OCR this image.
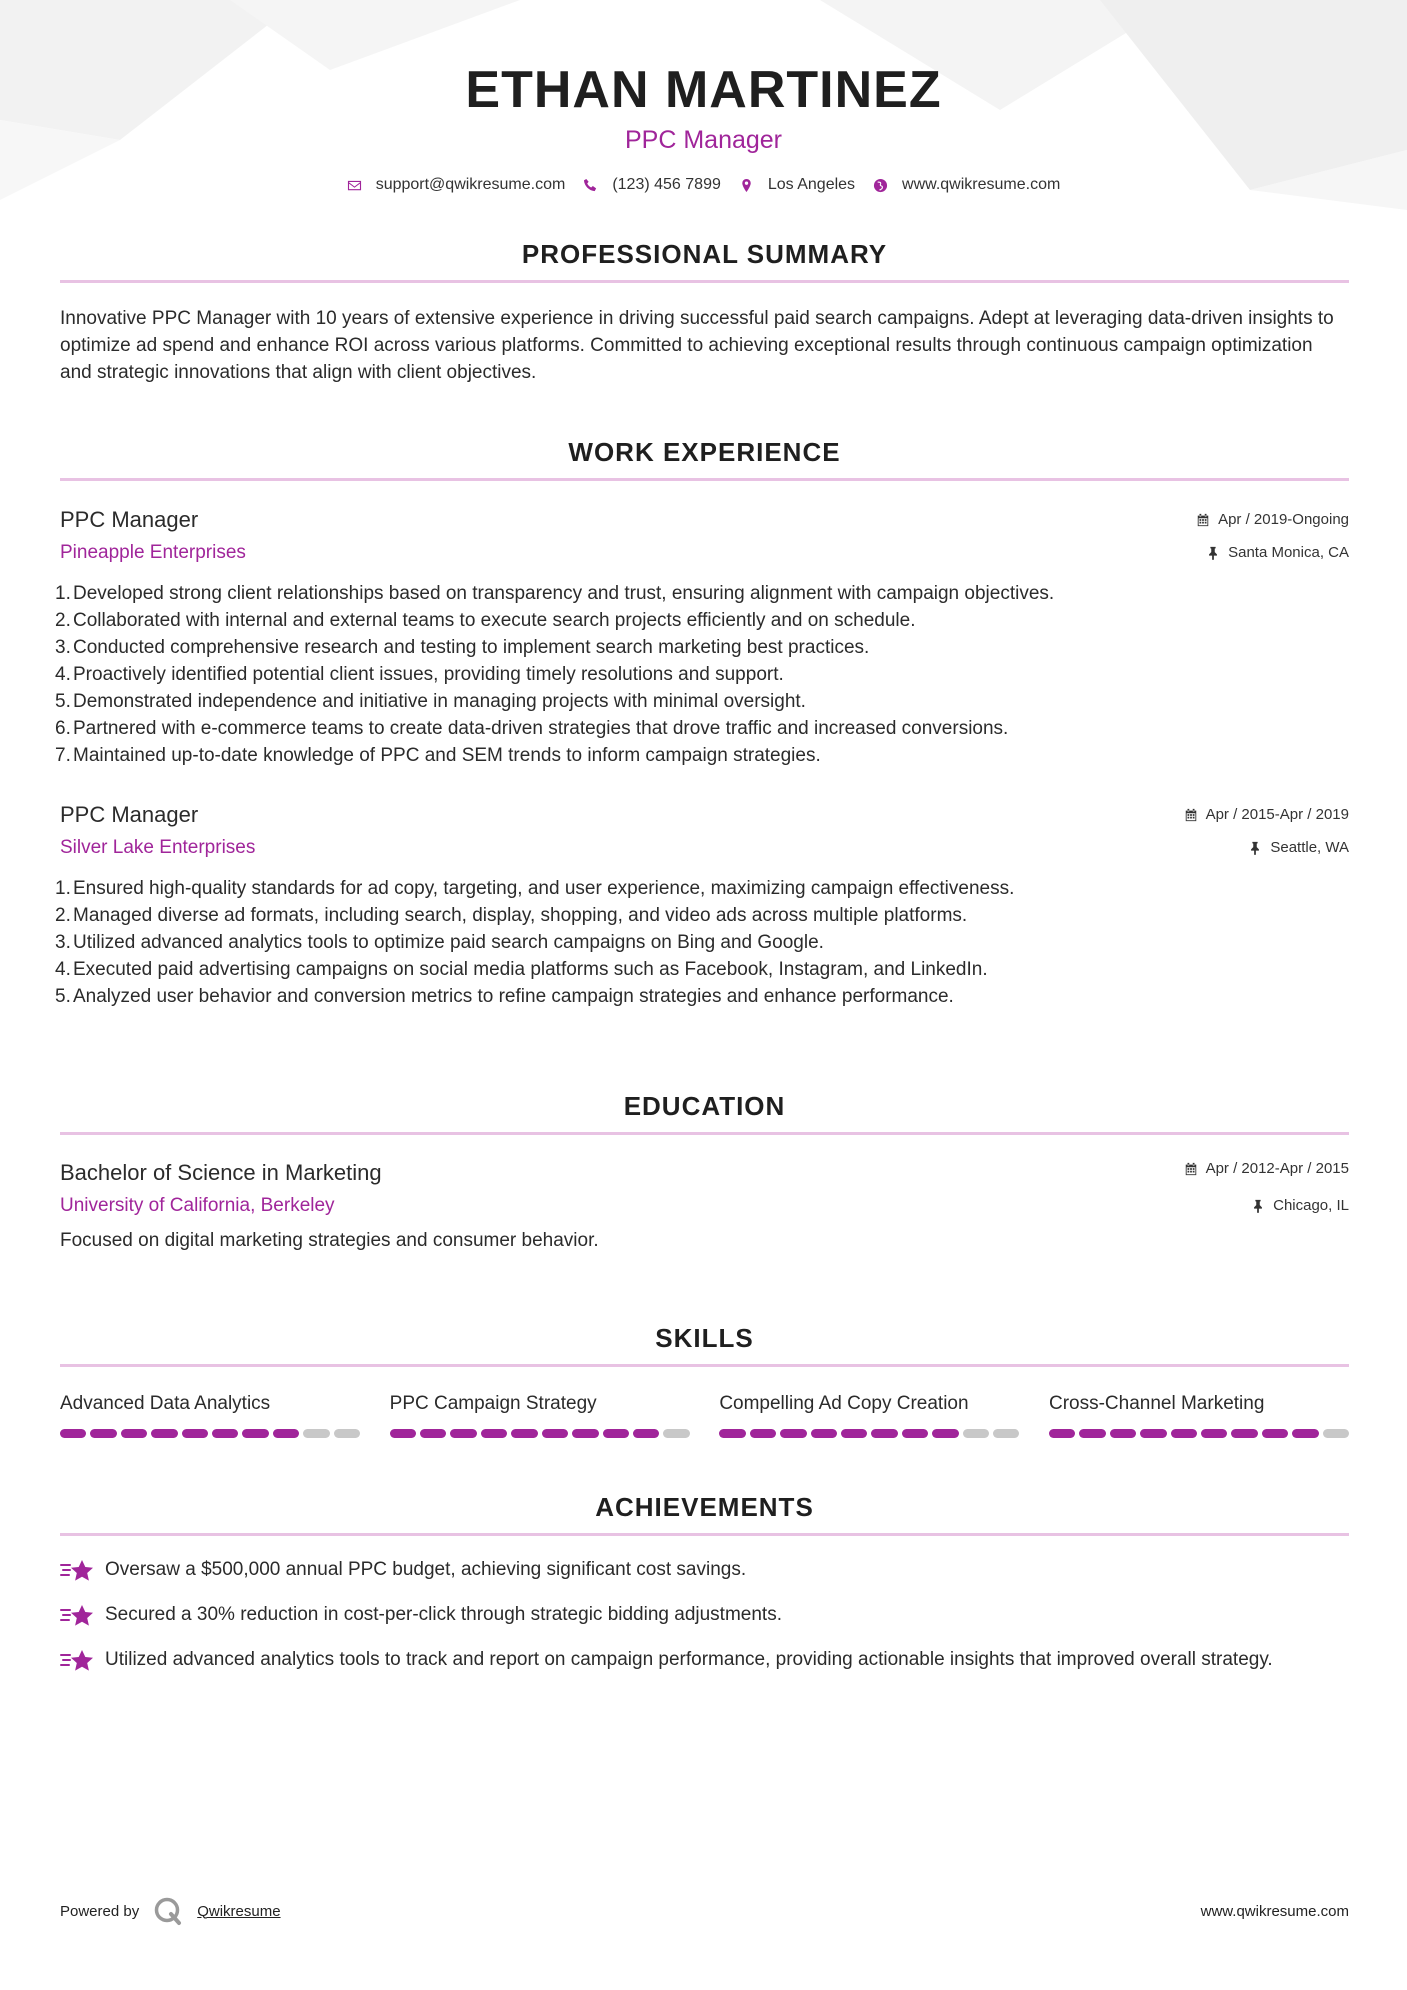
ETHAN MARTINEZ
PPC Manager
support@qwikresume.com	(123) 456 7899	Los Angeles	www.qwikresume.com
PROFESSIONAL SUMMARY

Innovative PPC Manager with 10 years of extensive experience in driving successful paid search campaigns. Adept at leveraging data-driven insights to optimize ad spend and enhance ROI across various platforms. Committed to achieving exceptional results through continuous campaign optimization and strategic innovations that align with client objectives.

WORK EXPERIENCE
PPC Manager
Pineapple Enterprises
Apr / 2019-Ongoing
Santa Monica, CA
1. Developed strong client relationships based on transparency and trust, ensuring alignment with campaign objectives.
2. Collaborated with internal and external teams to execute search projects efficiently and on schedule.
3. Conducted comprehensive research and testing to implement search marketing best practices.
4. Proactively identified potential client issues, providing timely resolutions and support.
5. Demonstrated independence and initiative in managing projects with minimal oversight.
6. Partnered with e-commerce teams to create data-driven strategies that drove traffic and increased conversions.
7. Maintained up-to-date knowledge of PPC and SEM trends to inform campaign strategies.
PPC Manager
Silver Lake Enterprises
Apr / 2015-Apr / 2019
Seattle, WA
1. Ensured high-quality standards for ad copy, targeting, and user experience, maximizing campaign effectiveness.
2. Managed diverse ad formats, including search, display, shopping, and video ads across multiple platforms.
3. Utilized advanced analytics tools to optimize paid search campaigns on Bing and Google.
4. Executed paid advertising campaigns on social media platforms such as Facebook, Instagram, and LinkedIn.
5. Analyzed user behavior and conversion metrics to refine campaign strategies and enhance performance.
EDUCATION
Bachelor of Science in Marketing
University of California, Berkeley
Apr / 2012-Apr / 2015
Chicago, IL

Focused on digital marketing strategies and consumer behavior.

SKILLS
Advanced Data Analytics	PPC Campaign Strategy	Compelling Ad Copy Creation	Cross-Channel Marketing
ACHIEVEMENTS
Oversaw a $500,000 annual PPC budget, achieving significant cost savings.
Secured a 30% reduction in cost-per-click through strategic bidding adjustments.
Utilized advanced analytics tools to track and report on campaign performance, providing actionable insights that improved overall strategy.
Powered by	Qwikresume	www.qwikresume.com
